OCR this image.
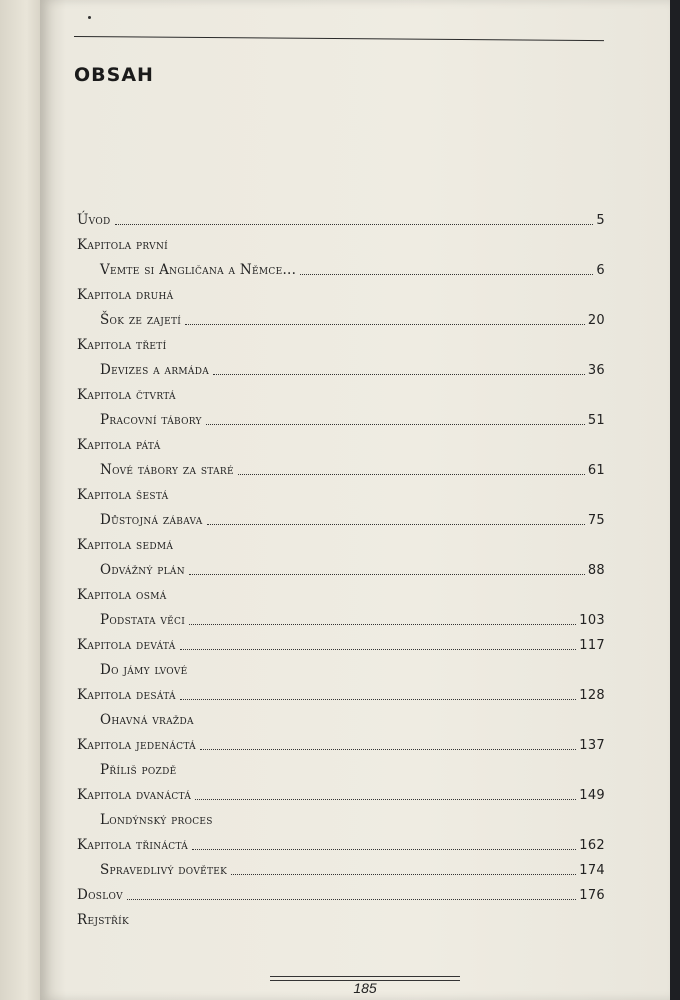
OBSAH
Úvod	5
Kapitola první
Vemte si Angličana a Němce...	6
Kapitola druhá
Šok ze zajetí	20
Kapitola třetí
Devizes a armáda	36
Kapitola čtvrtá
Pracovní tábory	51
Kapitola pátá
Nové tábory za staré	61
Kapitola šestá
Důstojná zábava	75
Kapitola sedmá
Odvážný plán	88
Kapitola osmá
Podstata věci	103
Kapitola devátá	117
Do jámy lvové
Kapitola desátá	128
Ohavná vražda
Kapitola jedenáctá	137
Příliš pozdě
Kapitola dvanáctá	149
Londýnský proces
Kapitola třináctá	162
Spravedlivý dovětek	174
Doslov	176
Rejstřík
185
